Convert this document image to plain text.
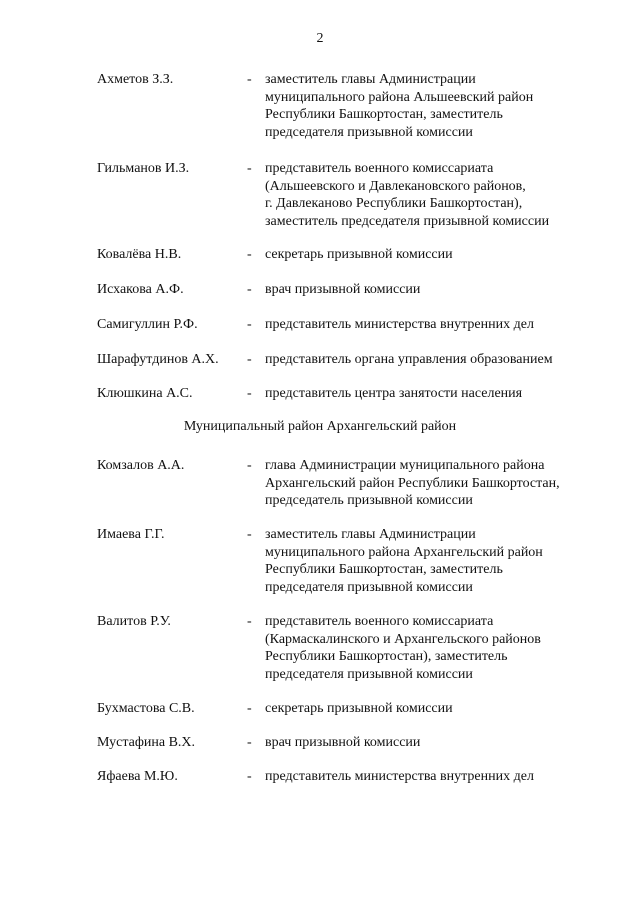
2
Ахметов З.З.	- заместитель главы Администрации
муниципального района Альшеевский район
Республики Башкортостан, заместитель
председателя призывной комиссии
Гильманов И.З.	- представитель военного комиссариата
(Альшеевского и Давлекановского районов,
г. Давлеканово Республики Башкортостан),
заместитель председателя призывной комиссии
Ковалёва Н.В.	- секретарь призывной комиссии
Исхакова А.Ф.	- врач призывной комиссии
Самигуллин Р.Ф.	- представитель министерства внутренних дел
Шарафутдинов А.Х. - представитель органа управления образованием
Клюшкина А.С.	- представитель центра занятости населения
Муниципальный район Архангельский район
Комзалов А.А.	- глава Администрации муниципального района
Архангельский район Республики Башкортостан,
председатель призывной комиссии
Имаева Г.Г.	- заместитель главы Администрации
муниципального района Архангельский район
Республики Башкортостан, заместитель
председателя призывной комиссии
Валитов Р.У.	- представитель военного комиссариата
(Кармаскалинского и Архангельского районов
Республики Башкортостан), заместитель
председателя призывной комиссии
Бухмастова С.В.	- секретарь призывной комиссии
Мустафина В.Х.	- врач призывной комиссии
Яфаева М.Ю.	- представитель министерства внутренних дел
